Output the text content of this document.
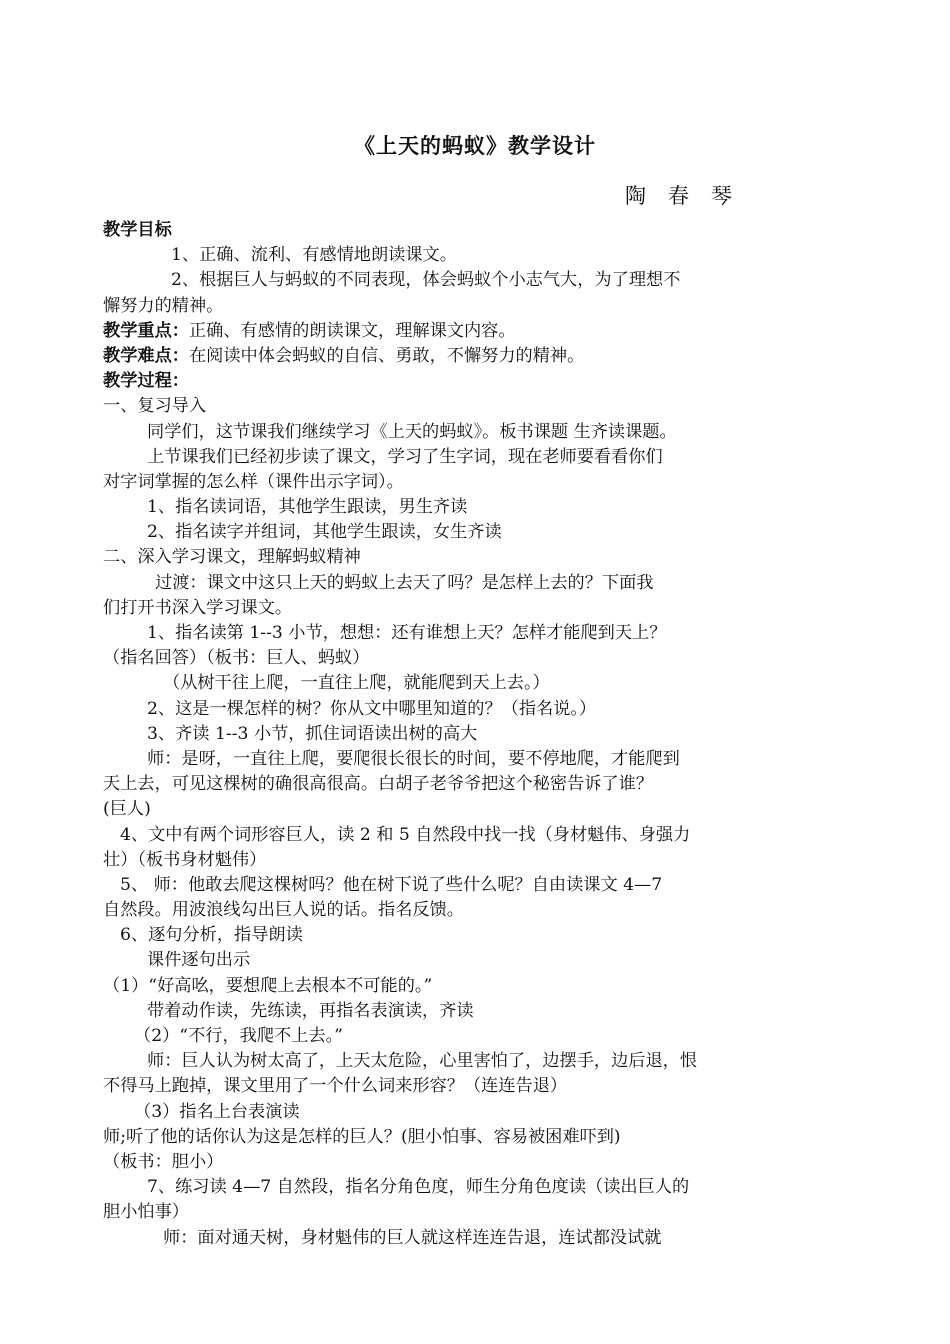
《上天的蚂蚁》教学设计
陶春琴
教学目标
1、正确、流利、有感情地朗读课文。
2、根据巨人与蚂蚁的不同表现，体会蚂蚁个小志气大，为了理想不
懈努力的精神。
教学重点：正确、有感情的朗读课文，理解课文内容。
教学难点：在阅读中体会蚂蚁的自信、勇敢，不懈努力的精神。
教学过程：
一、复习导入
同学们，这节课我们继续学习《上天的蚂蚁》。板书课题 生齐读课题。
上节课我们已经初步读了课文，学习了生字词，现在老师要看看你们
对字词掌握的怎么样（课件出示字词）。
1、指名读词语，其他学生跟读，男生齐读
2、指名读字并组词，其他学生跟读，女生齐读
二、深入学习课文，理解蚂蚁精神
过渡：课文中这只上天的蚂蚁上去天了吗？是怎样上去的？下面我
们打开书深入学习课文。
1、指名读第 1--3 小节，想想：还有谁想上天？怎样才能爬到天上？
（指名回答）（板书：巨人、蚂蚁）
（从树干往上爬，一直往上爬，就能爬到天上去。）
2、这是一棵怎样的树？你从文中哪里知道的？（指名说。）
3、齐读 1--3 小节，抓住词语读出树的高大
师：是呀，一直往上爬，要爬很长很长的时间，要不停地爬，才能爬到
天上去，可见这棵树的确很高很高。白胡子老爷爷把这个秘密告诉了谁？
(巨人)
4、文中有两个词形容巨人，读 2 和 5 自然段中找一找（身材魁伟、身强力
壮）（板书身材魁伟）
5、 师：他敢去爬这棵树吗？他在树下说了些什么呢？自由读课文 4—7
自然段。用波浪线勾出巨人说的话。指名反馈。
6、逐句分析，指导朗读
课件逐句出示
（1）“好高吆，要想爬上去根本不可能的。”
带着动作读，先练读，再指名表演读，齐读
（2）“不行，我爬不上去。”
师：巨人认为树太高了，上天太危险，心里害怕了，边摆手，边后退，恨
不得马上跑掉，课文里用了一个什么词来形容？（连连告退）
（3）指名上台表演读
师;听了他的话你认为这是怎样的巨人？(胆小怕事、容易被困难吓到)
（板书：胆小）
7、练习读 4—7 自然段，指名分角色度，师生分角色度读（读出巨人的
胆小怕事）
师：面对通天树，身材魁伟的巨人就这样连连告退，连试都没试就
